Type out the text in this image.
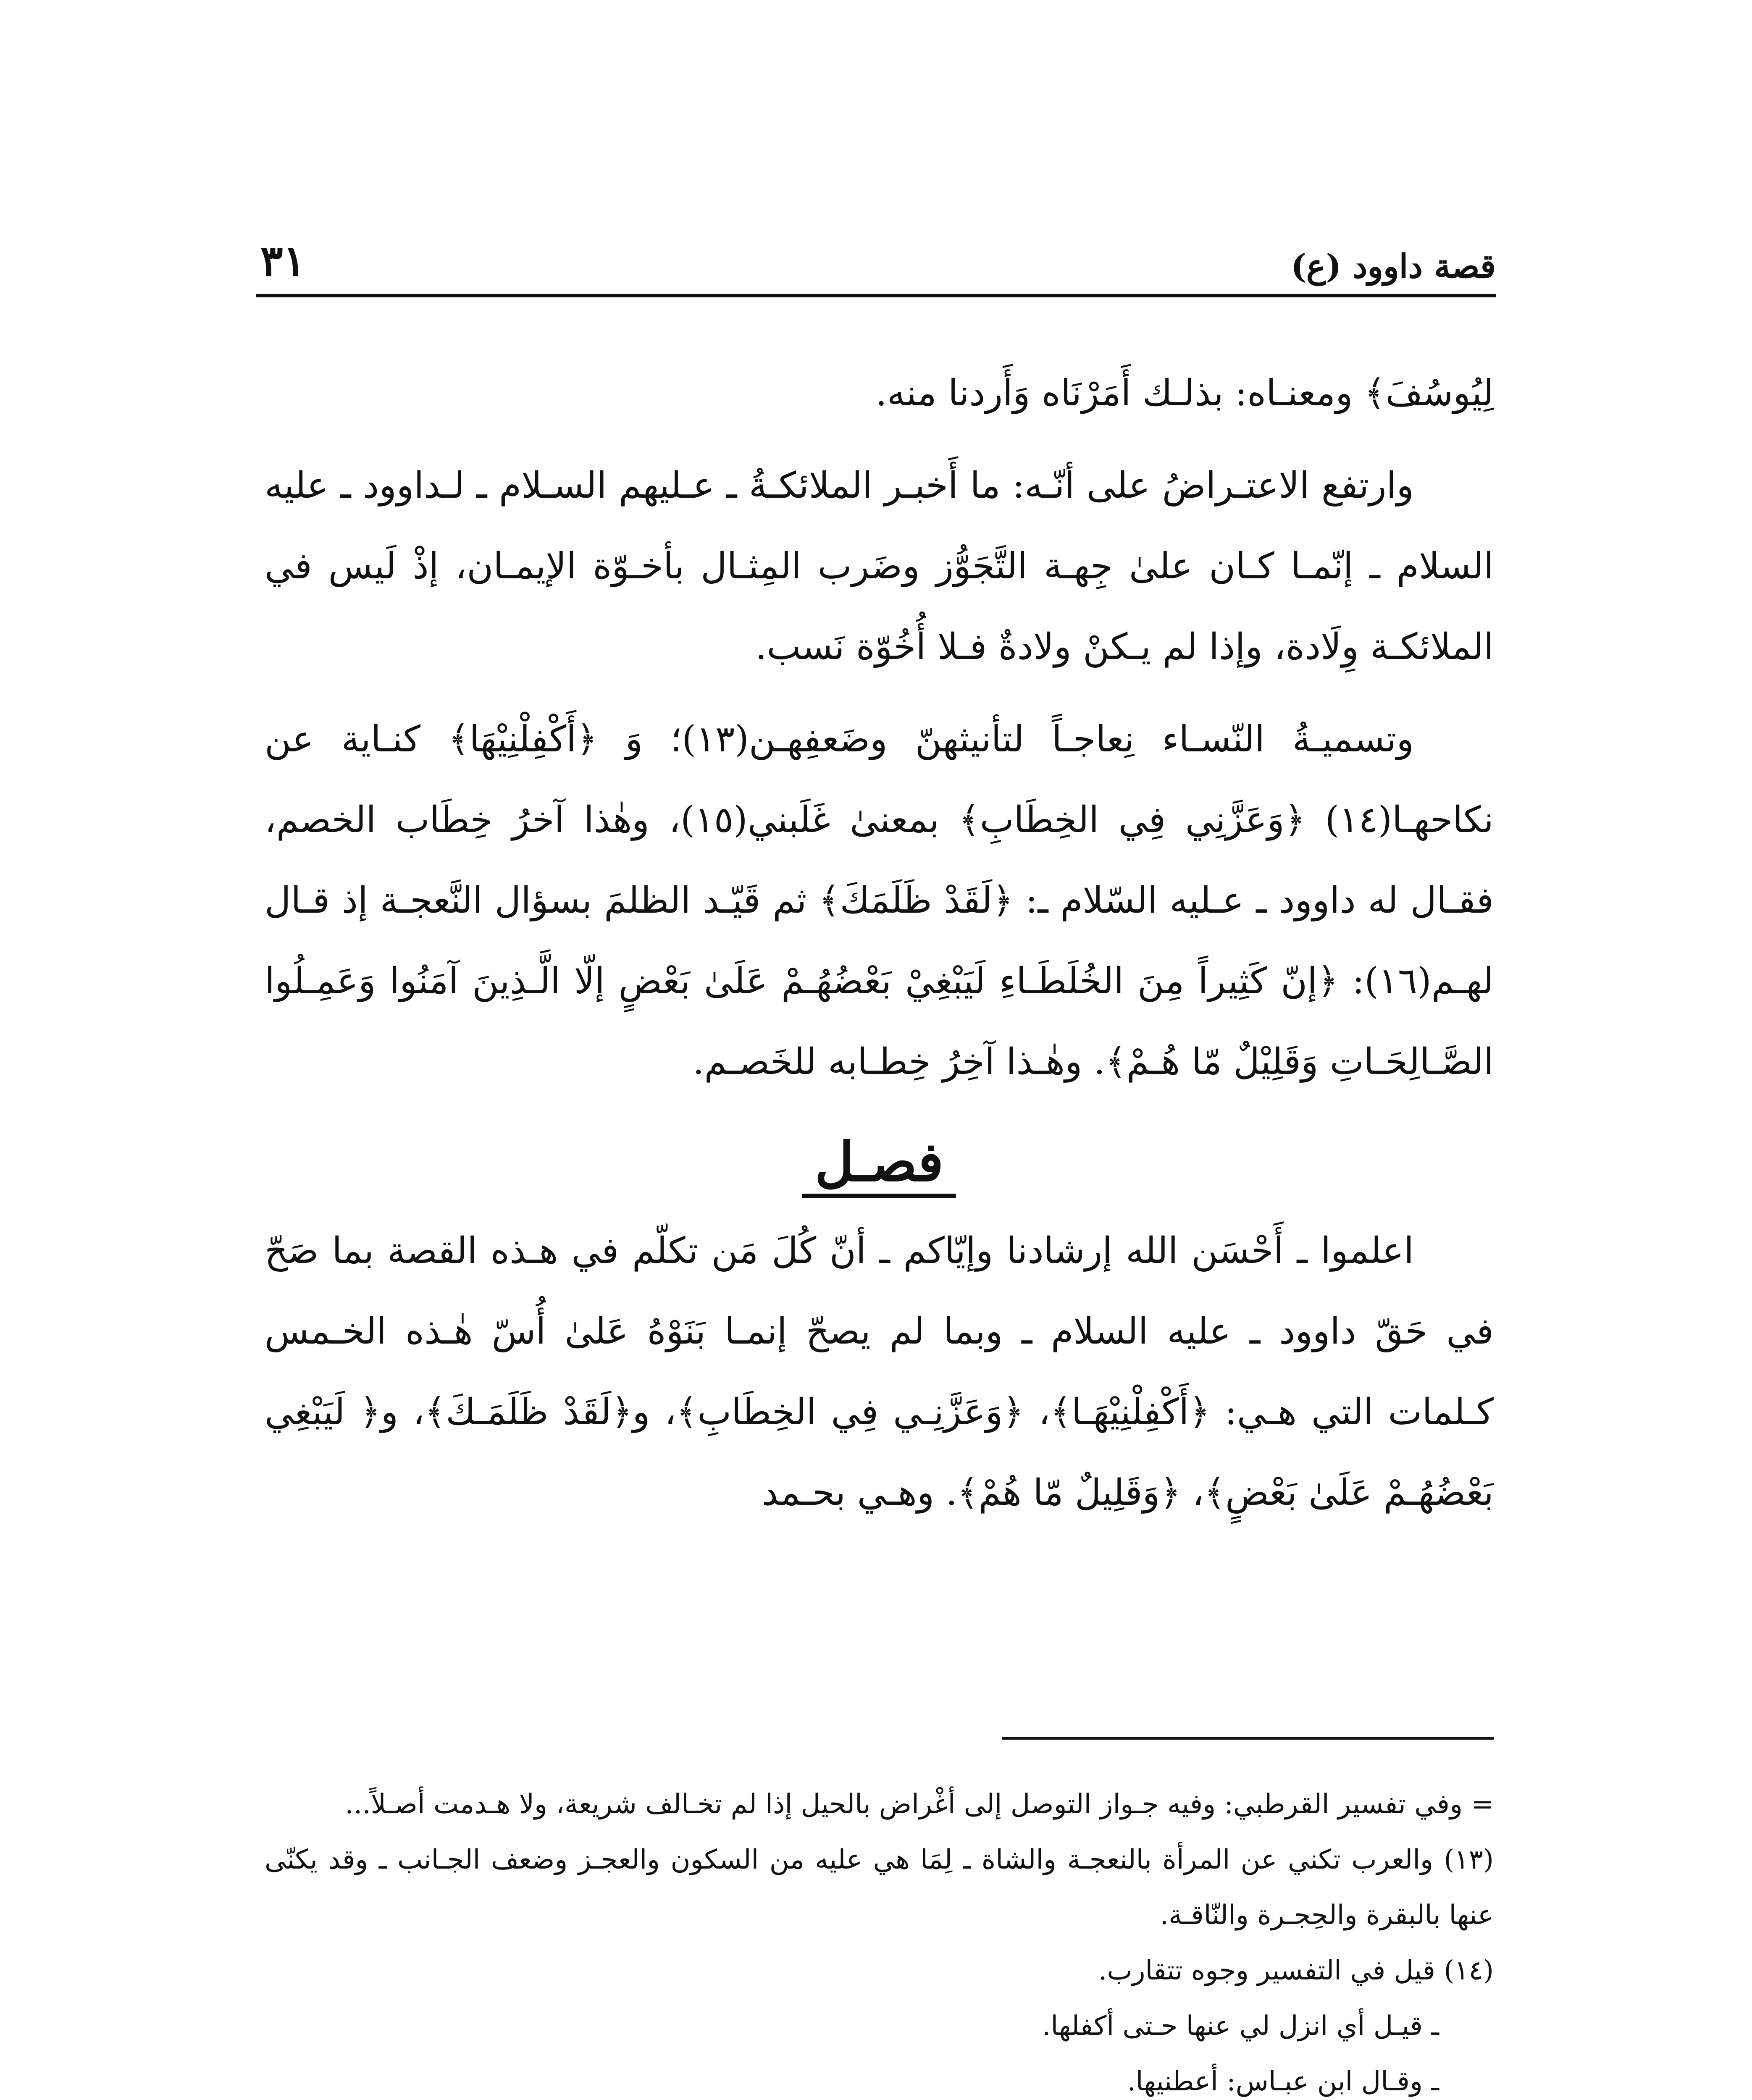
قصة داوود (ع)
٣١

لِيُوسُفَ﴾ ومعنـاه: بذلـك أَمَرْنَاه وَأَردنا منه.

وارتفع الاعتـراضُ على أنّـه: ما أَخبـر الملائكـةُ ـ عـليهم السـلام ـ لـداوود ـ عليه السلام ـ إنّمـا كـان علىٰ جِهـة التَّجَوُّز وضَرب المِثـال بأخـوّة الإيمـان، إذْ لَيس في الملائكـة وِلَادة، وإذا لم يـكنْ ولادةٌ فـلا أُخُوّة نَسب.

وتسميـةُ النّسـاء نِعاجـاً لتأنيثهنّ وضَعفِهـن(١٣)؛ وَ ﴿أَكْفِلْنِيْهَا﴾ كنـاية عن نكاحهـا(١٤) ﴿وَعَزَّنِي فِي الخِطَابِ﴾ بمعنىٰ غَلَبني(١٥)، وهٰذا آخرُ خِطَاب الخصم، فقـال له داوود ـ عـليه السّلام ـ: ﴿لَقَدْ ظَلَمَكَ﴾ ثم قَيّـد الظلمَ بسؤال النَّعجـة إذ قـال لهـم(١٦): ﴿إنّ كَثِيراً مِنَ الخُلَطَـاءِ لَيَبْغِيْ بَعْضُهُـمْ عَلَىٰ بَعْضٍ إلّا الَّـذِينَ آمَنُوا وَعَمِـلُوا الصَّـالِحَـاتِ وَقَلِيْلٌ مّا هُـمْ﴾. وهٰـذا آخِرُ خِطـابه للخَصـم.

فصـل

اعلموا ـ أَحْسَن الله إرشادنا وإيّاكم ـ أنّ كُلَ مَن تكلّم في هـذه القصة بما صَحّ في حَقّ داوود ـ عليه السلام ـ وبما لم يصحّ إنمـا بَنَوْهُ عَلىٰ أُسّ هٰـذه الخـمس كـلمات التي هـي: ﴿أَكْفِلْنِيْهَـا﴾، ﴿وَعَزَّنِـي فِي الخِطَابِ﴾، و﴿لَقَدْ ظَلَمَـكَ﴾، و﴿ لَيَبْغِي بَعْضُهُـمْ عَلَىٰ بَعْضٍ﴾، ﴿وَقَلِيلٌ مّا هُمْ﴾. وهـي بحـمد

= وفي تفسير القرطبي: وفيه جـواز التوصل إلى أغْراض بالحيل إذا لم تخـالف شريعة، ولا هـدمت أصـلاً...

(١٣) والعرب تكني عن المرأة بالنعجـة والشاة ـ لِمَا هي عليه من السكون والعجـز وضعف الجـانب ـ وقد يكنّى عنها بالبقرة والحِجـرة والنّاقـة.

(١٤) قيل في التفسير وجوه تتقارب.

ـ قيـل أي انزل لي عنها حـتى أكفلها.

ـ وقـال ابن عبـاس: أعطنيها.
